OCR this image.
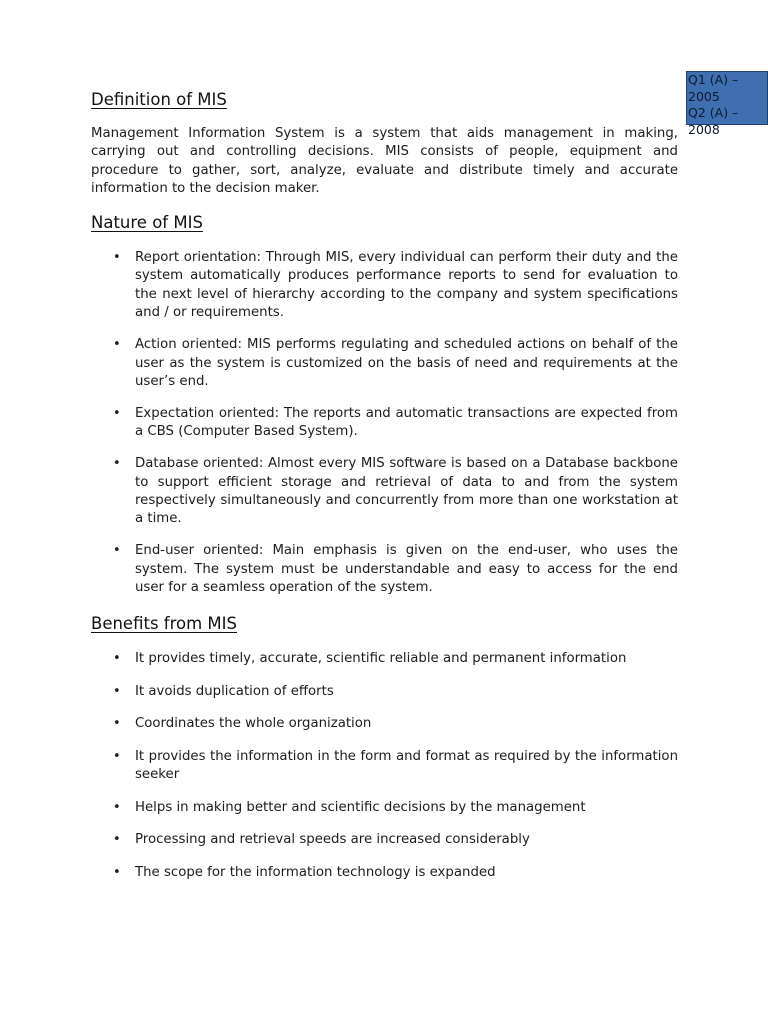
Q1 (A) –
2005
Q2 (A) –
2008
Definition of MIS

Management Information System is a system that aids management in making, carrying out and controlling decisions. MIS consists of people, equipment and procedure to gather, sort, analyze, evaluate and distribute timely and accurate information to the decision maker.

Nature of MIS
• Report orientation: Through MIS, every individual can perform their duty and the system automatically produces performance reports to send for evaluation to the next level of hierarchy according to the company and system specifications and / or requirements.
• Action oriented: MIS performs regulating and scheduled actions on behalf of the user as the system is customized on the basis of need and requirements at the user’s end.
• Expectation oriented: The reports and automatic transactions are expected from a CBS (Computer Based System).
• Database oriented: Almost every MIS software is based on a Database backbone to support efficient storage and retrieval of data to and from the system respectively simultaneously and concurrently from more than one workstation at a time.
• End-user oriented: Main emphasis is given on the end-user, who uses the system. The system must be understandable and easy to access for the end user for a seamless operation of the system.
Benefits from MIS
• It provides timely, accurate, scientific reliable and permanent information
• It avoids duplication of efforts
• Coordinates the whole organization
• It provides the information in the form and format as required by the information seeker
• Helps in making better and scientific decisions by the management
• Processing and retrieval speeds are increased considerably
• The scope for the information technology is expanded
